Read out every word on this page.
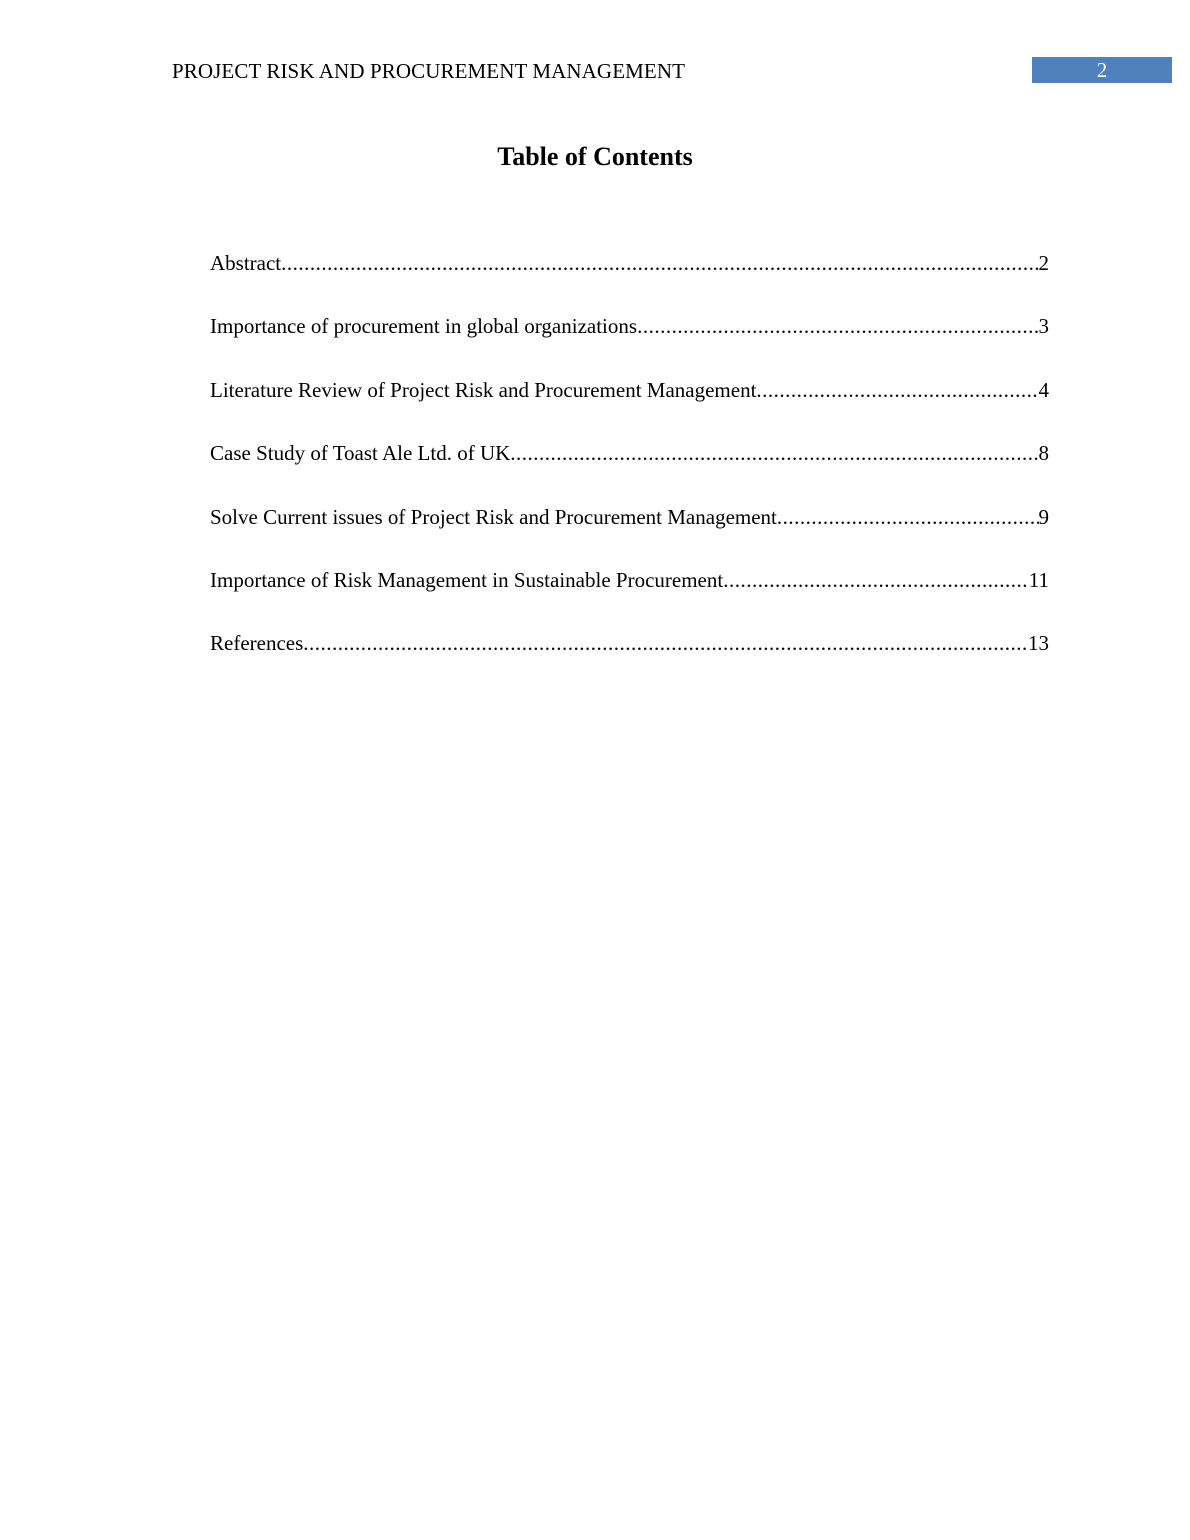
PROJECT RISK AND PROCUREMENT MANAGEMENT	2
Table of Contents
Abstract .....	2
Importance of procurement in global organizations .....	3
Literature Review of Project Risk and Procurement Management .....	4
Case Study of Toast Ale Ltd. of UK .....	8
Solve Current issues of Project Risk and Procurement Management .....	9
Importance of Risk Management in Sustainable Procurement .....	11
References .....	13
